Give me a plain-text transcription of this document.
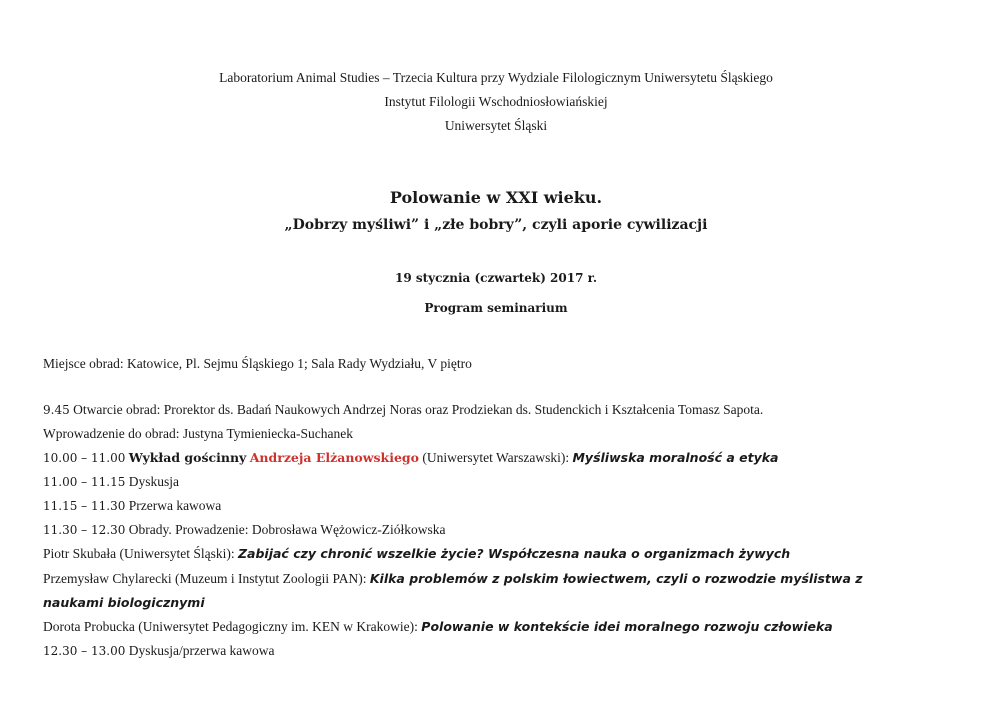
Laboratorium Animal Studies – Trzecia Kultura przy Wydziale Filologicznym Uniwersytetu Śląskiego
Instytut Filologii Wschodniosłowiańskiej
Uniwersytet Śląski
Polowanie w XXI wieku.
„Dobrzy myśliwi” i „złe bobry”, czyli aporie cywilizacji
19 stycznia (czwartek) 2017 r.
Program seminarium
Miejsce obrad: Katowice, Pl. Sejmu Śląskiego 1; Sala Rady Wydziału, V piętro
9.45 Otwarcie obrad: Prorektor ds. Badań Naukowych Andrzej Noras oraz Prodziekan ds. Studenckich i Kształcenia Tomasz Sapota.
Wprowadzenie do obrad: Justyna Tymieniecka-Suchanek
10.00 – 11.00 Wykład gościnny Andrzeja Elżanowskiego (Uniwersytet Warszawski): Myśliwska moralność a etyka
11.00 – 11.15 Dyskusja
11.15 – 11.30 Przerwa kawowa
11.30 – 12.30 Obrady. Prowadzenie: Dobrosława Wężowicz-Ziółkowska
Piotr Skubała (Uniwersytet Śląski): Zabijać czy chronić wszelkie życie? Współczesna nauka o organizmach żywych
Przemysław Chylarecki (Muzeum i Instytut Zoologii PAN): Kilka problemów z polskim łowiectwem, czyli o rozwodzie myślistwa z
naukami biologicznymi
Dorota Probucka (Uniwersytet Pedagogiczny im. KEN w Krakowie): Polowanie w kontekście idei moralnego rozwoju człowieka
12.30 – 13.00 Dyskusja/przerwa kawowa
